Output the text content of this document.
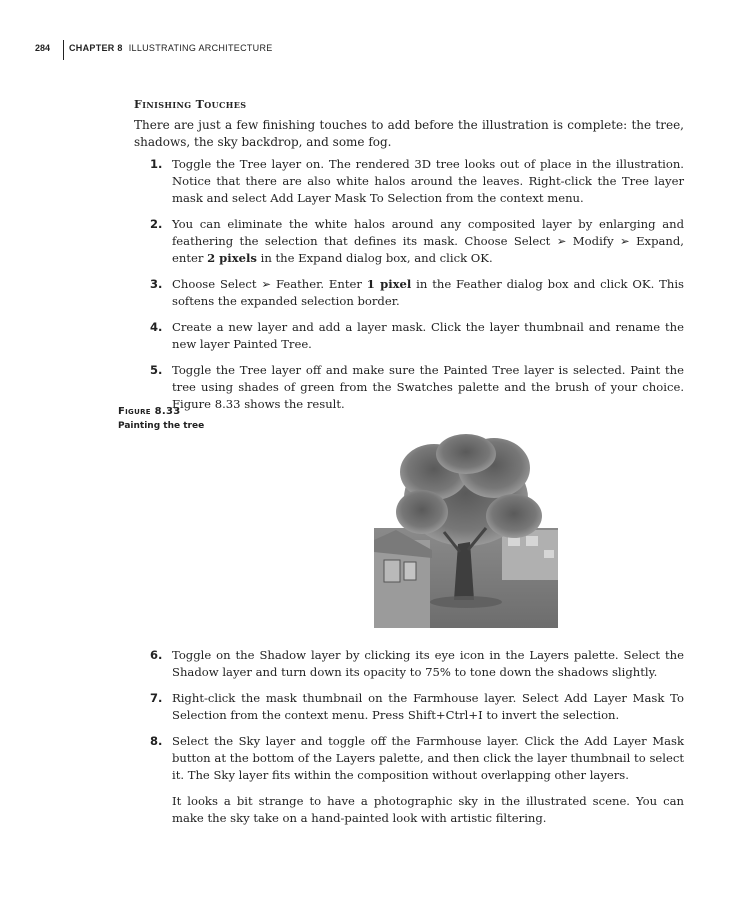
284 CHAPTER 8 ILLUSTRATING ARCHITECTURE
Finishing Touches
There are just a few finishing touches to add before the illustration is complete: the tree, shadows, the sky backdrop, and some fog.
1. Toggle the Tree layer on. The rendered 3D tree looks out of place in the illustration. Notice that there are also white halos around the leaves. Right-click the Tree layer mask and select Add Layer Mask To Selection from the context menu.
2. You can eliminate the white halos around any composited layer by enlarging and feathering the selection that defines its mask. Choose Select ➢ Modify ➢ Expand, enter 2 pixels in the Expand dialog box, and click OK.
3. Choose Select ➢ Feather. Enter 1 pixel in the Feather dialog box and click OK. This softens the expanded selection border.
4. Create a new layer and add a layer mask. Click the layer thumbnail and rename the new layer Painted Tree.
5. Toggle the Tree layer off and make sure the Painted Tree layer is selected. Paint the tree using shades of green from the Swatches palette and the brush of your choice. Figure 8.33 shows the result.
Figure 8.33
Painting the tree
6. Toggle on the Shadow layer by clicking its eye icon in the Layers palette. Select the Shadow layer and turn down its opacity to 75% to tone down the shadows slightly.
7. Right-click the mask thumbnail on the Farmhouse layer. Select Add Layer Mask To Selection from the context menu. Press Shift+Ctrl+I to invert the selection.
8. Select the Sky layer and toggle off the Farmhouse layer. Click the Add Layer Mask button at the bottom of the Layers palette, and then click the layer thumbnail to select it. The Sky layer fits within the composition without overlapping other layers.
It looks a bit strange to have a photographic sky in the illustrated scene. You can make the sky take on a hand-painted look with artistic filtering.
